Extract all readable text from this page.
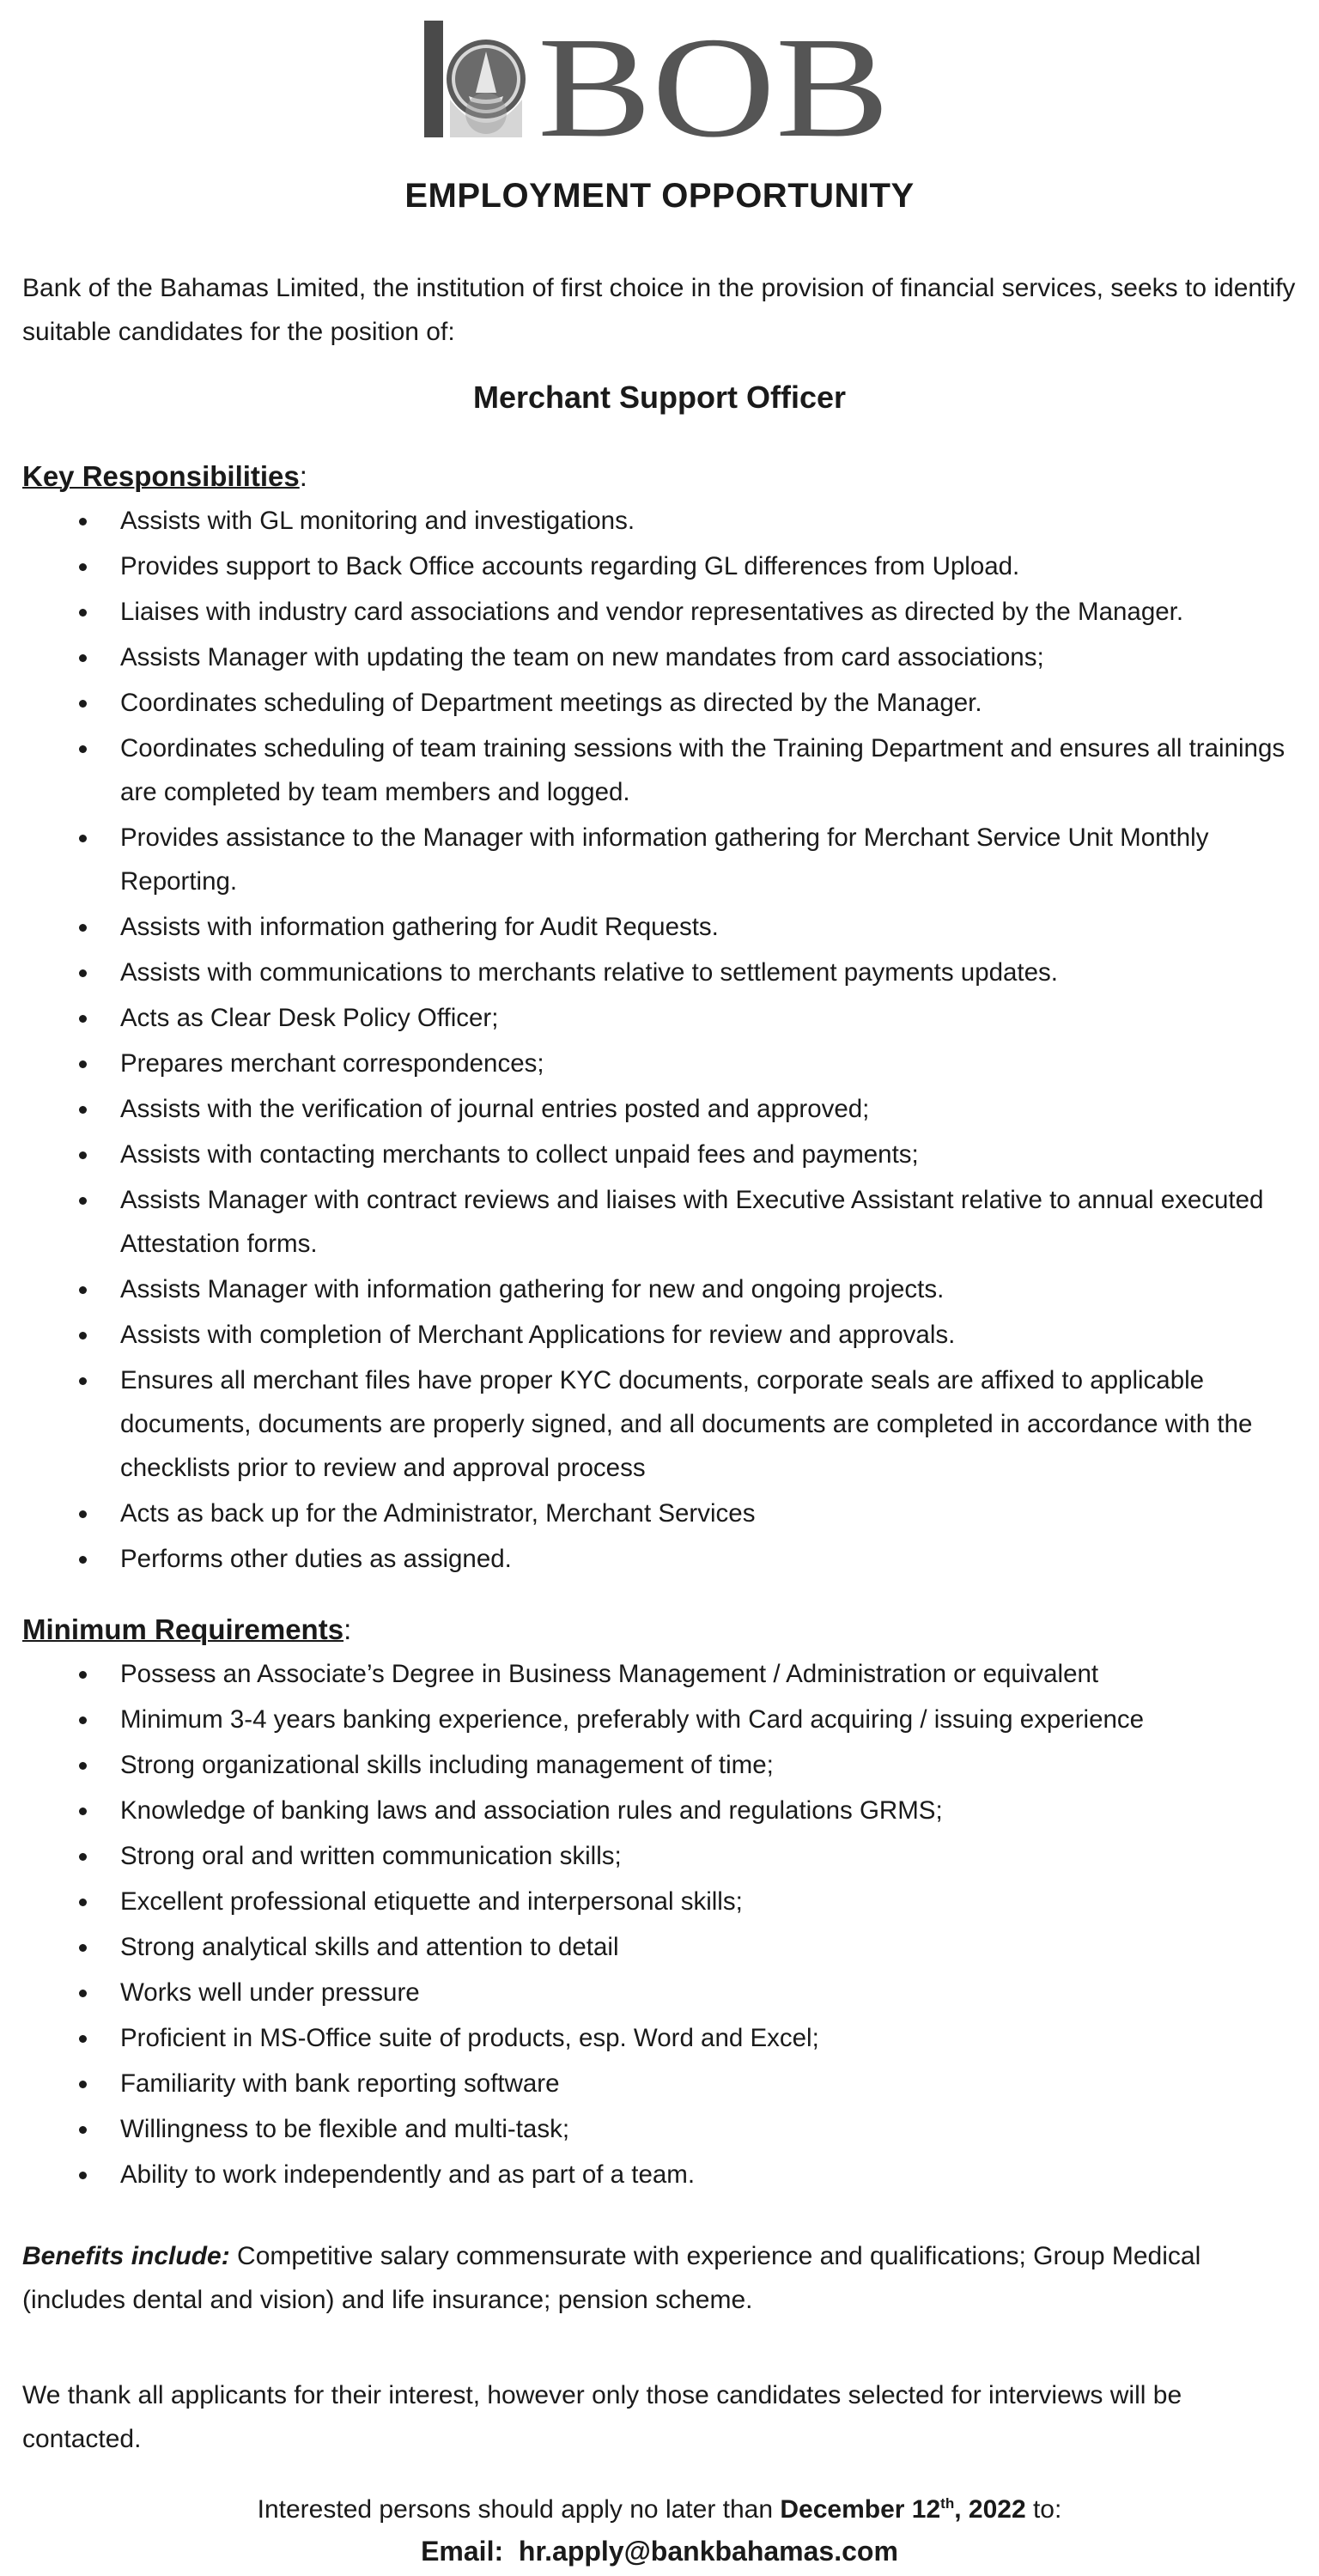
BOB
EMPLOYMENT OPPORTUNITY
Bank of the Bahamas Limited, the institution of first choice in the provision of financial services, seeks to identify suitable candidates for the position of:
Merchant Support Officer
Key Responsibilities:
Assists with GL monitoring and investigations.
Provides support to Back Office accounts regarding GL differences from Upload.
Liaises with industry card associations and vendor representatives as directed by the Manager.
Assists Manager with updating the team on new mandates from card associations;
Coordinates scheduling of Department meetings as directed by the Manager.
Coordinates scheduling of team training sessions with the Training Department and ensures all trainings are completed by team members and logged.
Provides assistance to the Manager with information gathering for Merchant Service Unit Monthly Reporting.
Assists with information gathering for Audit Requests.
Assists with communications to merchants relative to settlement payments updates.
Acts as Clear Desk Policy Officer;
Prepares merchant correspondences;
Assists with the verification of journal entries posted and approved;
Assists with contacting merchants to collect unpaid fees and payments;
Assists Manager with contract reviews and liaises with Executive Assistant relative to annual executed Attestation forms.
Assists Manager with information gathering for new and ongoing projects.
Assists with completion of Merchant Applications for review and approvals.
Ensures all merchant files have proper KYC documents, corporate seals are affixed to applicable documents, documents are properly signed, and all documents are completed in accordance with the checklists prior to review and approval process
Acts as back up for the Administrator, Merchant Services
Performs other duties as assigned.
Minimum Requirements:
Possess an Associate’s Degree in Business Management / Administration or equivalent
Minimum 3-4 years banking experience, preferably with Card acquiring / issuing experience
Strong organizational skills including management of time;
Knowledge of banking laws and association rules and regulations GRMS;
Strong oral and written communication skills;
Excellent professional etiquette and interpersonal skills;
Strong analytical skills and attention to detail
Works well under pressure
Proficient in MS-Office suite of products, esp. Word and Excel;
Familiarity with bank reporting software
Willingness to be flexible and multi-task;
Ability to work independently and as part of a team.
Benefits include: Competitive salary commensurate with experience and qualifications; Group Medical (includes dental and vision) and life insurance; pension scheme.
We thank all applicants for their interest, however only those candidates selected for interviews will be contacted.
Interested persons should apply no later than December 12th, 2022 to:
Email: hr.apply@bankbahamas.com
